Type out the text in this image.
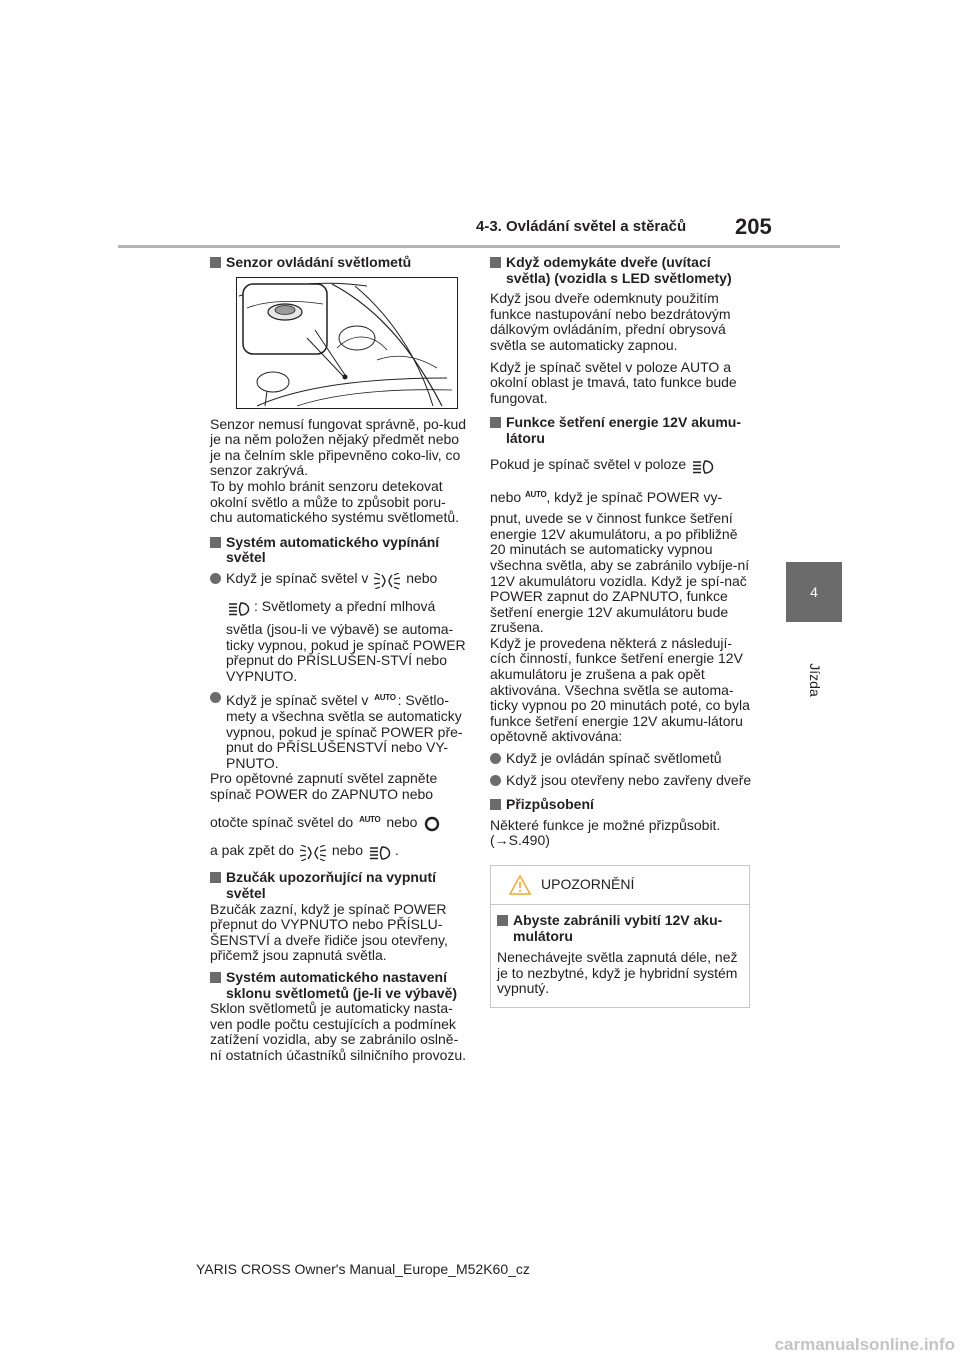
4-3. Ovládání světel a stěračů 205
4
Jízda

Senzor ovládání světlometů

Senzor nemusí fungovat správně, po-kud je na něm položen nějaký předmět nebo je na čelním skle připevněno coko-liv, co senzor zakrývá.

To by mohlo bránit senzoru detekovat okolní světlo a může to způsobit poru-chu automatického systému světlometů.

Systém automatického vypínání světel

Když je spínač světel v	nebo

: Světlomety a přední mlhová

světla (jsou-li ve výbavě) se automa-ticky vypnou, pokud je spínač POWER přepnut do PŘÍSLUŠEN-STVÍ nebo VYPNUTO.

Když je spínač světel v $^{AUTO}$ : Světlo-mety a všechna světla se automaticky vypnou, pokud je spínač POWER pře-pnut do PŘÍSLUŠENSTVÍ nebo VY-PNUTO.

Pro opětovné zapnutí světel zapněte spínač POWER do ZAPNUTO nebo

otočte spínač světel do $^{AUTO}$ nebo

a pak zpět do	nebo .

Bzučák upozorňující na vypnutí světel

Bzučák zazní, když je spínač POWER přepnut do VYPNUTO nebo PŘÍSLU-ŠENSTVÍ a dveře řidiče jsou otevřeny, přičemž jsou zapnutá světla.

Systém automatického nastavení sklonu světlometů (je-li ve výbavě)

Sklon světlometů je automaticky nasta-ven podle počtu cestujících a podmínek zatížení vozidla, aby se zabránilo oslně-ní ostatních účastníků silničního provozu.

Když odemykáte dveře (uvítací světla) (vozidla s LED světlomety)

Když jsou dveře odemknuty použitím funkce nastupování nebo bezdrátovým dálkovým ovládáním, přední obrysová světla se automaticky zapnou.

Když je spínač světel v poloze AUTO a okolní oblast je tmavá, tato funkce bude fungovat.

Funkce šetření energie 12V akumu-látoru

Pokud je spínač světel v poloze

nebo $^{AUTO}$, když je spínač POWER vy-

pnut, uvede se v činnost funkce šetření energie 12V akumulátoru, a po přibližně 20 minutách se automaticky vypnou všechna světla, aby se zabránilo vybíje-ní 12V akumulátoru vozidla. Když je spí-nač POWER zapnut do ZAPNUTO, funkce šetření energie 12V akumulátoru bude zrušena.

Když je provedena některá z následují-cích činností, funkce šetření energie 12V akumulátoru je zrušena a pak opět aktivována. Všechna světla se automa-ticky vypnou po 20 minutách poté, co byla funkce šetření energie 12V akumu-látoru opětovně aktivována:

Když je ovládán spínač světlometů

Když jsou otevřeny nebo zavřeny dveře

Přizpůsobení

Některé funkce je možné přizpůsobit. (→S.490)

UPOZORNĚNÍ

Abyste zabránili vybití 12V aku-mulátoru

Nenechávejte světla zapnutá déle, než je to nezbytné, když je hybridní systém vypnutý.

YARIS CROSS Owner's Manual_Europe_M52K60_cz
carmanualsonline.info
